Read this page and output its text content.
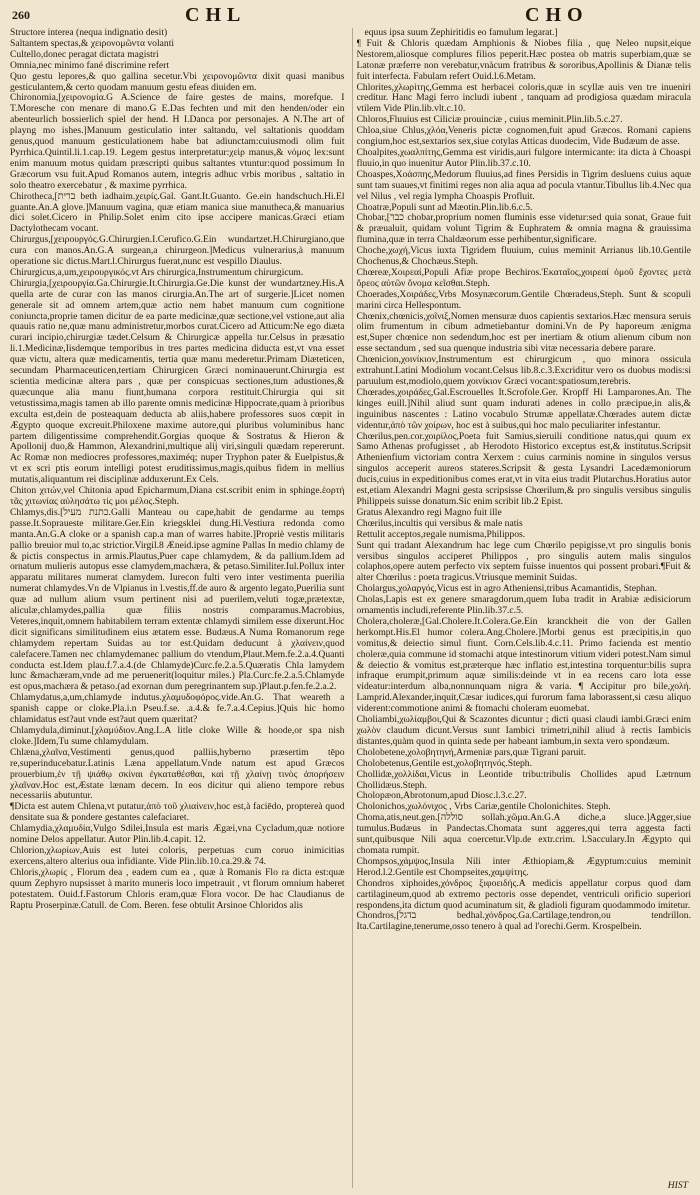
260	CHL	CHO

Structore interea (nequa indignatio desit)

Saltantem spectas,& χειρονομῶντα volanti

Cultello,donec peragat dictata magistri

Omnia,nec minimo fané discrimine refert

Quo gestu lepores,& quo gallina secetur.Vbi χειρονομῶντα dixit quasi manibus gesticulantem,& certo quodam manuum gestu efeas diuiden em.

Chironomia,[χειρονομία.G A.Science de faire gestes de mains, morefque. I T.Moresche con menare di mano.G E.Das fechten und mit den henden/oder ein abenteurlich bossierlich spiel der hend. H I.Danca por personajes. A N.The art of playng mo ishes.]Manuum gesticulatio inter saltandu, vel saltationis quoddam genus,quod manuum gesticulationem habe bat adiunctam:cuiusmodi olim fuit Pyrrhica.Quintil.li.1.cap.19. Legem gestus interpretatur:χεὶρ manus,& νόμος lex:sunt enim manuum motus quidam præscripti quibus saltantes vtuntur:quod possimum In Græcorum vsu fuit.Apud Romanos autem, integris adhuc vrbis moribus , saltatio in solo theatro exercebatur , & maxime pyrrhica.

Chirotheca,[ברית beth iadhaim.χειρίς.Gal. Gant.It.Guanto. Ge.ein handschuch.Hi.El guante.An.A glove.]Manuum vagina, quæ etiam manica siue manutheca,& manuarius dici solet.Cicero in Philip.Solet enim cito ipse accipere manicas.Græci etiam Dactylothecam vocant.

Chirurgus,[χειρουργός.G.Chirurgien.I.Cerufico.G.Ein wundartzet.H.Chirurgiano,que cura con manos.An.G.A surgean,a chirurgeon.]Medicus vulnerarius,à manuum operatione sic dictus.Mart.l.Chirurgus fuerat,nunc est vespillo Diaulus.

Chirurgicus,a,um,χειρουργικός.vt Ars chirurgica,Instrumentum chirurgicum.

Chirurgia,[χειρουργία.Ga.Chirurgie.It.Chirurgia.Ge.Die kunst der wundartzney.His.A quella arte de curar con las manos cirurgia.An.The art of surgerie.]Licet nomen generale sit ad omnem artem,quæ actio nem habet manuum cum cognitione coniuncta,proprie tamen dicitur de ea parte medicinæ,quæ sectione,vel vstione,aut alia quauis ratio ne,quæ manu administretur,morbos curat.Cicero ad Atticum:Ne ego diæta curari incipio,chirurgiæ tædet.Celsum & Chirurgicæ appella tur.Celsus in præsatio li.1.Medicinæ,Iisdemque temporibus in tres partes medicina diducta est,vt vna esset quæ victu, altera quæ medicamentis, tertia quæ manu mederetur.Primam Diæteticen, secundam Pharmaceuticen,tertiam Chirurgicen Græci nominauerunt.Chirurgia est scientia medicinæ altera pars , quæ per conspicuas sectiones,tum adustiones,& quæcunque alia manu fiunt,humana corpora restituit.Chirurgia qui sit vetustissima,magis tamen ab illo parente omnis medicinæ Hippocrate,quam à prioribus exculta est,dein de posteaquam deducta ab aliis,habere professores suos cœpit in Ægypto quoque excreuit.Philoxene maxime autore,qui pluribus voluminibus hanc partem diligentissime comprehendit.Gorgias quoque & Sostratus & Hieron & Apollonij duo,& Hammon, Alexandrini,multique alij viri,singuli quædam repererunt. Ac Romæ non mediocres professores,maximéq; nuper Tryphon pater & Euelpistus,& vt ex scri ptis eorum intelligi potest eruditissimus,magis,quibus fidem in mellius mutatis,aliquantum rei disciplinæ adduxerunt.Ex Cels.

Chiton χιτών,vel Chitonia apud Epicharmum,Diana cst.scribit enim in sphinge.ἑορτή τᾶς χιτωνίας αὐλησάτω τίς μοι μέλος.Steph.

Chlamys,dis.[כתנת מעיל.Galli Manteau ou cape,habit de gendarme au temps passe.It.Sopraueste militare.Ger.Ein kriegsklei dung.Hi.Vestiura redonda como manta.An.G.A cloke or a spanish cap.a man of warres habite.]Propriè vestis militaris pallio breuior mul to,ac strictior.Virgil.8 Æneid.ipse agmine Pallas In medio chlamy de & pictis conspectus in armis.Plautus,Puer cape chlamydem, & da pallium.Idem ad ornatum mulieris autopus esse clamydem,machæra, & petaso.Similiter.Iul.Pollux inter apparatu militares numerat clamydem. Iurecon fulti vero inter vestimenta puerilia numerat chlamydes.Vn de Vlpianus in l.vestis,ff.de auro & argento legato,Puerilia sunt quæ ad nullum alium vsum pertinent nisi ad puerilem,veluti togæ,prætextæ, aliculæ,chlamydes,pallia quæ filiis nostris comparamus.Macrobius, Veteres,inquit,omnem habitabilem terram extentæ chlamydi similem esse dixerunt.Hoc dicit significans similitudinem eius ætatem esse. Budæus.A Numa Romanorum rege chlamydem repertam Suidas au tor est.Quidam deducunt à χλαίνειν,quod calefacere.Tamen nec chlamydemanec pallium do vtendum,Plaut.Mem.fe.2.a.4.Quanti conducta est.Idem plau.f.7.a.4.(de Chlamyde)Curc.fe.2.a.5.Quæratis Chla lamydem lunc &machæram,vnde ad me peruenerit(loquitur miles.) Pla.Curc.fe.2.a.5.Chlamyde est opus,machæra & petaso.(ad exornan dum peregrinantem sup.)Plaut.p.fen.fe.2.a.2.

Chlamydatus,a,um,chlamyde indutus.χλαμυδοφόρος.vide.An.G. That weareth a spanish cappe or cloke.Pla.i.n Pseu.f.se. .a.4.& fe.7.a.4.Cepius.]Quis hic homo chlamidatus est?aut vnde est?aut quem quæritat?

Chlamydula,diminut.[χλαμύδιον.Ang.L.A litle cloke Wille & hoode,or spa nish cloke.]Idem,Tu sume chlamydulam.

Chlæna,χλαῖνα,Vestimenti genus,quod palliis,hyberno præsertim tēpo re,superinducebatur.Latinis Læna appellatum.Vnde natum est apud Græcos prouerbium,ἐν τῇ ψιάθῳ σκίναι ἐγκαταθέσθαι, καὶ τῇ χλαίνῃ τινὸς ἀπορήσειν χλαῖναν.Hoc est,Æstate lænam decem. In eos dicitur qui alieno tempore rebus necessariis abutuntur.

¶Dicta est autem Chlena,vt putatur,ἀπὸ τοῦ χλιαίνειν,hoc est,à faciēdo, proptereà quod densitate sua & pondere gestantes calefaciaret.

Chlamydia,χλαμυδία,Vulgo Sdilei,Insula est maris Ægæi,vna Cycladum,quæ notiore nomine Delos appellatur. Autor Plin.lib.4.capit. 12.

Chlorion,χλωρίων,Auis est lutei coloris, perpetuas cum coruo inimicitias exercens,altero alterius oua infidiante. Vide Plin.lib.10.ca.29.& 74.

Chloris,χλωρίς , Florum dea , eadem cum ea , quæ à Romanis Flo ra dicta est:quæ quum Zephyro nupsisset à marito muneris loco impetrauit , vt florum omnium haberet potestatem. Ouid.f.Fastorum Chloris eram,quæ Flora vocor. De hac Claudianus de Raptu Proserpinæ.Catull. de Com. Beren. fese obtulit Arsinoe Chloridos alis

equus ipsa suum Zephiritidis eo famulum legarat.]

¶ Fuit & Chloris quædam Amphionis & Niobes filia , quę Neleo nupsit,eique Nestorem,aliosque complures filios peperit.Hæc postea ob matris superbiam,quæ se Latonæ præferre non verebatur,vnàcum fratribus & sororibus,Apollinis & Dianæ telis fuit interfecta. Fabulam refert Ouid.l.6.Metam.

Chlorites,χλωρίτης,Gemma est herbacei coloris,quæ in scyllæ auis ven tre inueniri creditur. Hanc Magi ferro includi iubent , tanquam ad prodigiosa quædam miracula vtilem Vide Plin.lib.vlt.c.10.

Chloros,Fluuius est Ciliciæ prouinciæ , cuius meminit.Plin.lib.5.c.27.

Chloa,siue Chlus,χλόα,Veneris pictæ cognomen,fuit apud Græcos. Romani capiens congium,hoc est,sextarios sex,siue cotylas Atticas duodecim, Vide Budæum de asse.

Choalpites,χωαλπίτης,Gemma est viridis,auri fulgore intermicante: ita dicta à Choaspi fluuio,in quo inuenitur Autor Plin.lib.37.c.10.

Choaspes,Χοάσπης,Medorum fluuius,ad fines Persidis in Tigrim desluens cuius aquæ sunt tam suaues,vt finitimi reges non alia aqua ad pocula vtantur.Tibullus lib.4.Nec qua vel Nilus , vel regia lympha Choaspis Profluit.

Choatræ,Populi sunt ad Mæotin.Plin.lib.6.c.5.

Chobar,[כבר chobar,proprium nomen fluminis esse videtur:sed quia sonat, Graue fuit & præualuit, quidam volunt Tigrim & Euphratem & omnia magna & grauissima flumina,quæ in terra Chaldæorum esse perhibentur,significare.

Choche,χωχή,Vicus iuxta Tigridem fluuium, cuius meminit Arrianus lib.10.Gentile Chochenus,& Chochæus.Steph.

Chœreæ,Χοιρεαί,Populi Afiæ prope Bechiros.Ἑκαταῖος,χοιρεαί ὁμοῦ ἔχοντες μετὰ ὄρεος αὐτῶν ὄνομα κεῖσθαι.Steph.

Choerades,Χοιράδες,Vrbs Mosynæcorum.Gentile Chœradeus,Steph. Sunt & scopuli marini circa Hellespontum.

Chœnix,chœnicis,χοῖνιξ,Nomen mensuræ duos capientis sextarios.Hæc mensura seruis olim frumentum in cibum admetiebantur domini.Vn de Py haporeum ænigma est,Super chœnice non sedendum,hoc est per inertiam & otium alienum cibum non esse sectandum , sed sua quenque industria sibi vitæ necessaria debere parare.

Chœnicion,χοινίκιον,Instrumentum est chirurgicum , quo minora ossicula extrahunt.Latini Modiolum vocant.Celsus lib.8.c.3.Excriditur vero os duobus modis:si paruulum est,modiolo,quem χοινίκιον Græci vocant:spatiosum,terebris.

Chœrades,χοιράδες,Gal.Escrouelles It.Scrofole.Ger. Kropff Hi Lamparones.An. The kinges euill.]Nihil aliud sunt quam indurati adenes in collo præcipue,in alis,& inguinibus nascentes : Latino vocabulo Strumæ appellatæ.Chœrades autem dictæ videntur,ἀπὸ τῶν χοίρων, hoc est à suibus,qui hoc malo peculiariter infestantur.

Chœrilus,pen.cor.χοιρίλος,Poeta fuit Samius,sieruili conditione natus,qui quum ex Samo Athenas profugisset , ab Herodoto Historico exceptus est,& institutus.Scripsit Athenienfium victoriam contra Xerxem : cuius carminis nomine in singulos versus singulos acceperit aureos stateres.Scripsit & gesta Lysandri Lacedæmoniorum ducis,cuius in expeditionibus comes erat,vt in vita eius tradit Plutarchus.Horatius autor est,etiam Alexandri Magni gesta scripsisse Chœrilum,& pro singulis versibus singulis Philippeis suisse donatum.Sic enim scribit lib.2 Epist.

Gratus Alexandro regi Magno fuit ille

Chœrilus,incultis qui versibus & male natis

Rettulit acceptos,regale numisma,Philippos.

Sunt qui tradant Alexandrum hac lege cum Chœrilo pepigisse,vt pro singulis bonis versibus singulos acciperet Philippos , pro singulis autem malis singulos colaphos,opere autem perfecto vix septem fuisse inuentos qui possent probari.¶Fuit & alter Chœrilus : poeta tragicus.Vtriusque meminit Suidas.

Cholargus,χολαργός,Vicus est in agro Atheniensi,tribus Acamantidis, Stephan.

Cholas,Lapis est ex genere smaragdorum,quem Iuba tradit in Arabiæ ædisiciorum ornamentis includi,referente Plin.lib.37.c.5.

Cholera,choleræ,[Gal.Cholere.It.Colera.Ge.Ein kranckheit die von der Gallen herkompt.His.El humor colera.Ang.Cholere.]Morbi genus est præcipitis,in quo vomitus,& deiectio simul fiunt. Corn.Cels.lib.4.c.11. Primo facienda est mentio choleræ,quia commune id stomachi atque intestinorum vitium videri potest.Nam simul & deiectio & vomitus est,præterque hæc inflatio est,intestina torquentur:bilis supra infraque erumpit,primum aquæ similis:deinde vt in ea recens caro lota esse videatur:interdum alba,nonnunquam nigra & varia. ¶ Accipitur pro bile,χολή. Lamprid.Alexander,inquit,Cæsar iudices,qui furorum fama laborassent,si cæsu aliquo viderent:commotione animi & ftomachi choleram euomebat.

Choliambi,χωλίαμβοι,Qui & Scazontes dicuntur ; dicti quasi claudi iambi.Græci enim χωλὸν claudum dicunt.Versus sunt Iambici trimetri,nihil aliud à rectis Iambicis distantes,quàm quod in quinta sede per habeant iambum,in sexta vero spondæum.

Cholobetene,χολοβητηνή,Armeniæ pars,quæ Tigrani paruit.

Cholobetenus,Gentile est,χολοβητηνός.Steph.

Chollidæ,χολλίδαι,Vicus in Leontide tribu:tribulis Chollides apud Lætrnum Chollidæus.Steph.

Cholopæon,Abrotonum,apud Diosc.l.3.c.27.

Cholonichos,χωλόνιχος , Vrbs Cariæ,gentile Cholonichites. Steph.

Choma,atis,neut.gen.[סוללה sollah.χῶμα.An.G.A diche,a sluce.]Agger,siue tumulus.Budæus in Pandectas.Chomata sunt aggeres,qui terra aggesta facti sunt,quibusque Nili aqua coercetur.Vlp.de extr.crim. l.Sacculary.In Ægypto qui chomata rumpit.

Chompsos,χάμψος,Insula Nili inter Æthiopiam,& Ægyptum:cuius meminit Herod.l.2.Gentile est Chompseites,χαμψίτης.

Chondros xiphoides,χόνδρος ξιφοειδής.A medicis appellatur corpus quod dam cartilagineum,quod ab extremo pectoris osse dependet, ventriculi orificio superiori respondens,ita dictum quod acuminatum sit, & gladioli figuram quodammodo imitetur.

Chondros,[בדגל bedhal.χόνδρος.Ga.Cartilage,tendron,ou tendrillon. Ita.Cartilagine,tenerume,osso tenero à qual ad l'orechi.Germ. Krospelbein.

HIST
